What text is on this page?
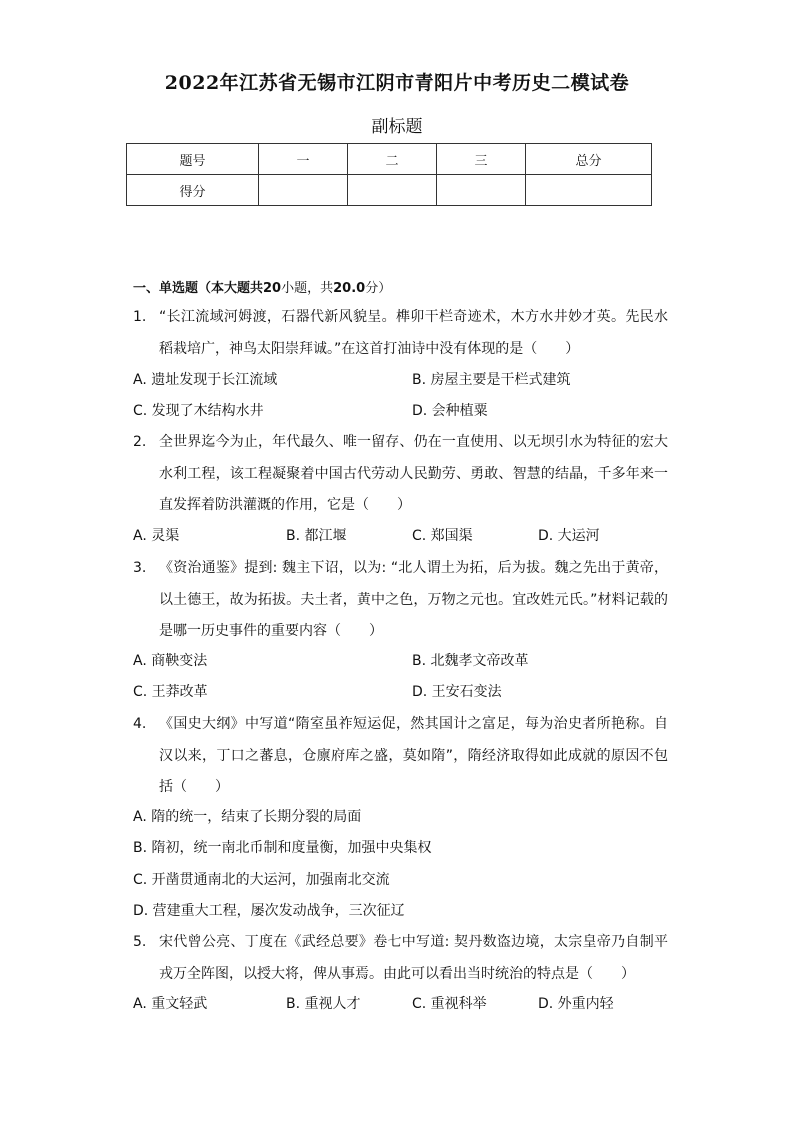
2022年江苏省无锡市江阴市青阳片中考历史二模试卷
副标题
题号	一	二	三	总分
得分				
一、单选题（本大题共20小题，共20.0分）
1. “长江流域河姆渡，石器代新风貌呈。榫卯干栏奇迹术，木方水井妙才英。先民水稻栽培广，神鸟太阳崇拜诚。”在这首打油诗中没有体现的是（　　）
A. 遗址发现于长江流域	B. 房屋主要是干栏式建筑
C. 发现了木结构水井	D. 会种植粟
2. 全世界迄今为止，年代最久、唯一留存、仍在一直使用、以无坝引水为特征的宏大水利工程，该工程凝聚着中国古代劳动人民勤劳、勇敢、智慧的结晶，千多年来一直发挥着防洪灌溉的作用，它是（　　）
A. 灵渠	B. 都江堰	C. 郑国渠	D. 大运河
3. 《资治通鉴》提到: 魏主下诏，以为: “北人谓土为拓，后为拔。魏之先出于黄帝，以土德王，故为拓拔。夫土者，黄中之色，万物之元也。宜改姓元氏。”材料记载的是哪一历史事件的重要内容（　　）
A. 商鞅变法	B. 北魏孝文帝改革
C. 王莽改革	D. 王安石变法
4. 《国史大纲》中写道“隋室虽祚短运促，然其国计之富足，每为治史者所艳称。自汉以来，丁口之蕃息，仓廪府库之盛，莫如隋”，隋经济取得如此成就的原因不包括（　　）
A. 隋的统一，结束了长期分裂的局面
B. 隋初，统一南北币制和度量衡，加强中央集权
C. 开凿贯通南北的大运河，加强南北交流
D. 营建重大工程，屡次发动战争，三次征辽
5. 宋代曾公亮、丁度在《武经总要》卷七中写道: 契丹数盗边境，太宗皇帝乃自制平戎万全阵图，以授大将，俾从事焉。由此可以看出当时统治的特点是（　　）
A. 重文轻武	B. 重视人才	C. 重视科举	D. 外重内轻
